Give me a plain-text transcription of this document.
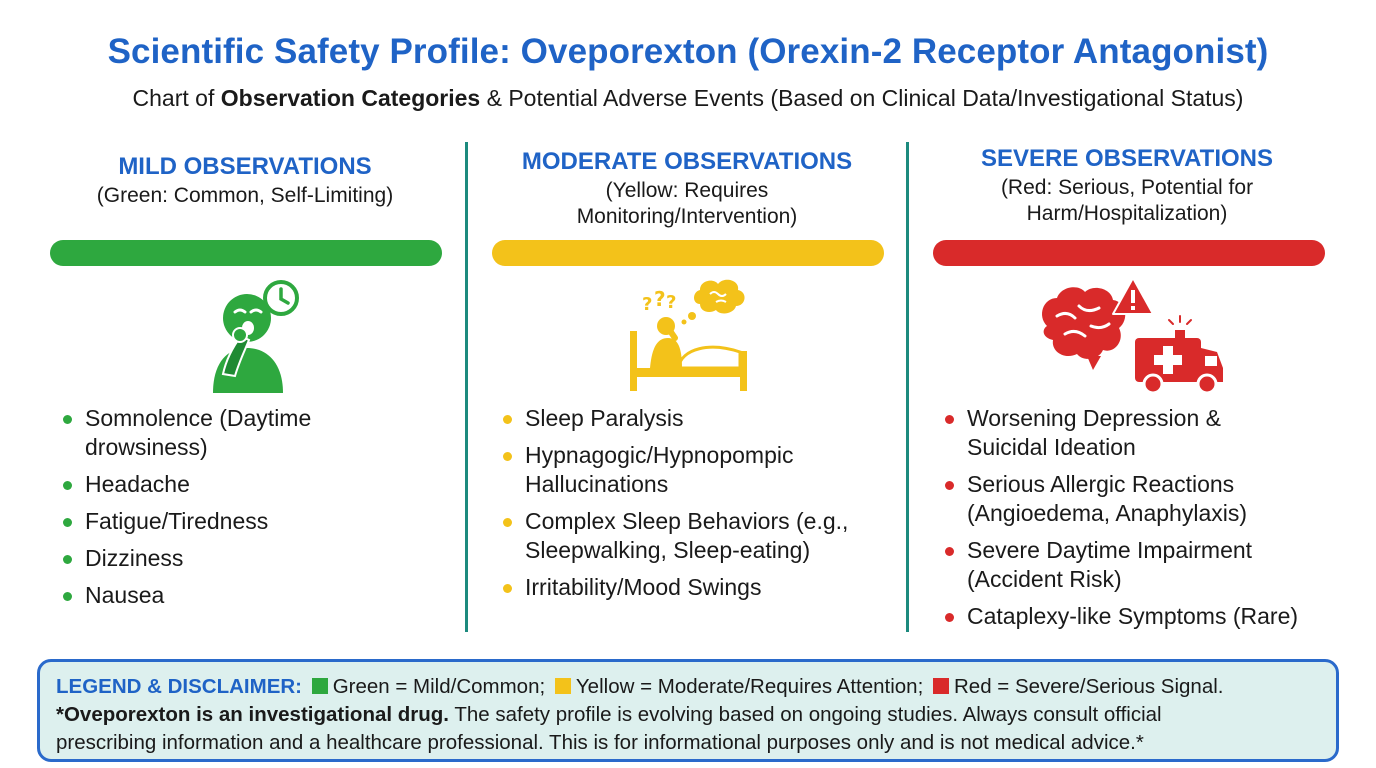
Scientific Safety Profile: Oveporexton (Orexin-2 Receptor Antagonist)
Chart of Observation Categories & Potential Adverse Events (Based on Clinical Data/Investigational Status)
MILD OBSERVATIONS
(Green: Common, Self-Limiting)
MODERATE OBSERVATIONS
(Yellow: Requires
Monitoring/Intervention)
SEVERE OBSERVATIONS
(Red: Serious, Potential for
Harm/Hospitalization)
? ? ?
Somnolence (Daytime
drowsiness)
Headache
Fatigue/Tiredness
Dizziness
Nausea
Sleep Paralysis
Hypnagogic/Hypnopompic
Hallucinations
Complex Sleep Behaviors (e.g.,
Sleepwalking, Sleep-eating)
Irritability/Mood Swings
Worsening Depression &
Suicidal Ideation
Serious Allergic Reactions
(Angioedema, Anaphylaxis)
Severe Daytime Impairment
(Accident Risk)
Cataplexy-like Symptoms (Rare)
LEGEND & DISCLAIMER: Green = Mild/Common; Yellow = Moderate/Requires Attention; Red = Severe/Serious Signal.
*Oveporexton is an investigational drug. The safety profile is evolving based on ongoing studies. Always consult official
prescribing information and a healthcare professional. This is for informational purposes only and is not medical advice.*
